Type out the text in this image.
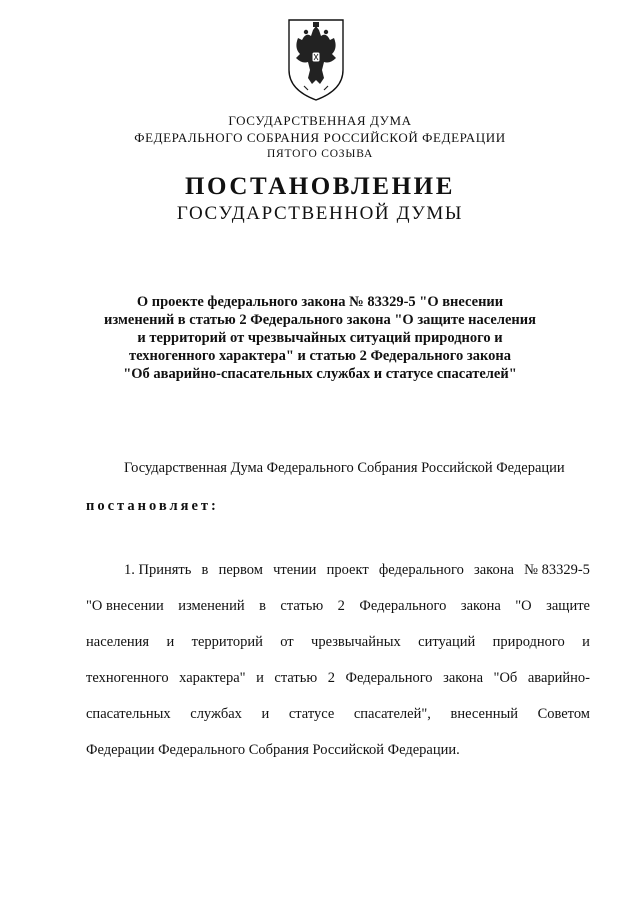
ГОСУДАРСТВЕННАЯ ДУМА
ФЕДЕРАЛЬНОГО СОБРАНИЯ РОССИЙСКОЙ ФЕДЕРАЦИИ
ПЯТОГО СОЗЫВА
ПОСТАНОВЛЕНИЕ
ГОСУДАРСТВЕННОЙ ДУМЫ
О проекте федерального закона № 83329-5 "О внесении
изменений в статью 2 Федерального закона "О защите населения
и территорий от чрезвычайных ситуаций природного и
техногенного характера" и статью 2 Федерального закона
"Об аварийно-спасательных службах и статусе спасателей"
Государственная Дума Федерального Собрания Российской Федерации
постановляет:
1. Принять в первом чтении проект федерального закона № 83329-5
"О внесении изменений в статью 2 Федерального закона "О защите
населения и территорий от чрезвычайных ситуаций природного и
техногенного характера" и статью 2 Федерального закона "Об аварийно-
спасательных службах и статусе спасателей", внесенный Советом
Федерации Федерального Собрания Российской Федерации.
